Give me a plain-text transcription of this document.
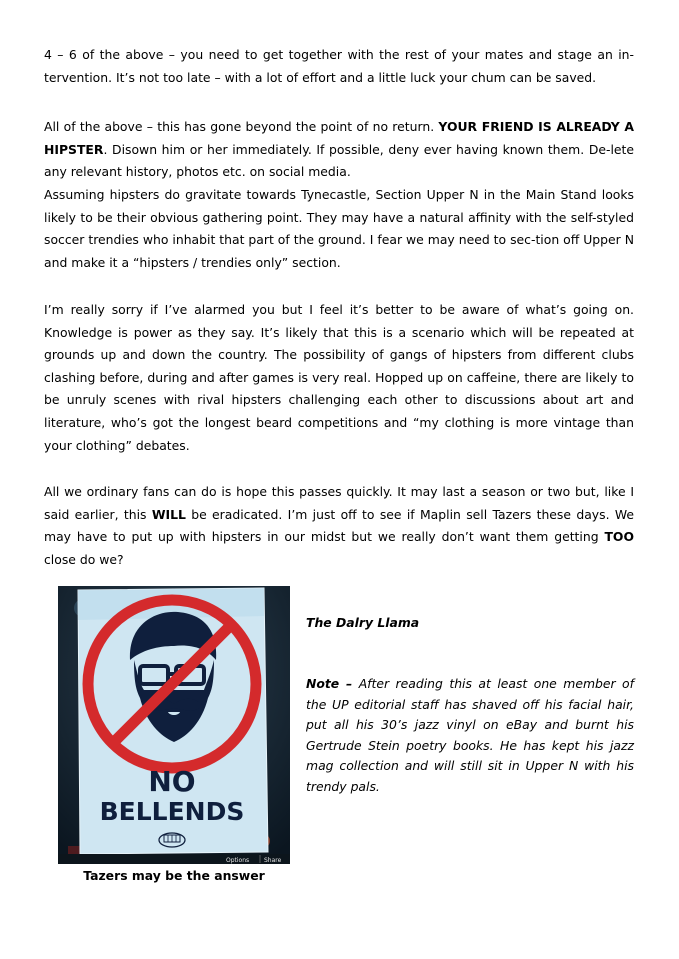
4 – 6 of the above – you need to get together with the rest of your mates and stage an in-tervention. It’s not too late – with a lot of effort and a little luck your chum can be saved.

All of the above – this has gone beyond the point of no return. YOUR FRIEND IS ALREADY A HIPSTER. Disown him or her immediately. If possible, deny ever having known them. De-lete any relevant history, photos etc. on social media.

Assuming hipsters do gravitate towards Tynecastle, Section Upper N in the Main Stand looks likely to be their obvious gathering point. They may have a natural affinity with the self-styled soccer trendies who inhabit that part of the ground. I fear we may need to sec-tion off Upper N and make it a “hipsters / trendies only” section.

I’m really sorry if I’ve alarmed you but I feel it’s better to be aware of what’s going on. Knowledge is power as they say. It’s likely that this is a scenario which will be repeated at grounds up and down the country. The possibility of gangs of hipsters from different clubs clashing before, during and after games is very real. Hopped up on caffeine, there are likely to be unruly scenes with rival hipsters challenging each other to discussions about art and literature, who’s got the longest beard competitions and “my clothing is more vintage than your clothing” debates.

All we ordinary fans can do is hope this passes quickly. It may last a season or two but, like I said earlier, this WILL be eradicated. I’m just off to see if Maplin sell Tazers these days. We may have to put up with hipsters in our midst but we really don’t want them getting TOO close do we?

NO
BELLENDS
Options Share
Tazers may be the answer

The Dalry Llama

Note – After reading this at least one member of the UP editorial staff has shaved off his facial hair, put all his 30’s jazz vinyl on eBay and burnt his Gertrude Stein poetry books. He has kept his jazz mag collection and will still sit in Upper N with his trendy pals.
